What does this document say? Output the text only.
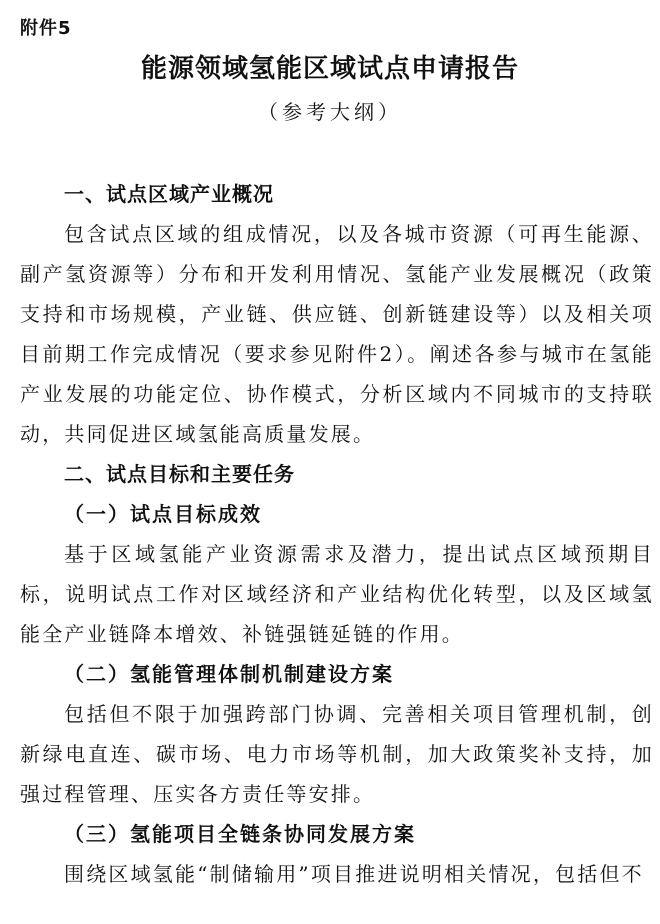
附件5
能源领域氢能区域试点申请报告
（参考大纲）
一、试点区域产业概况
包含试点区域的组成情况，以及各城市资源（可再生能源、副产氢资源等）分布和开发利用情况、氢能产业发展概况（政策支持和市场规模，产业链、供应链、创新链建设等）以及相关项目前期工作完成情况（要求参见附件2）。阐述各参与城市在氢能产业发展的功能定位、协作模式，分析区域内不同城市的支持联动，共同促进区域氢能高质量发展。
二、试点目标和主要任务
（一）试点目标成效
基于区域氢能产业资源需求及潜力，提出试点区域预期目标，说明试点工作对区域经济和产业结构优化转型，以及区域氢能全产业链降本增效、补链强链延链的作用。
（二）氢能管理体制机制建设方案
包括但不限于加强跨部门协调、完善相关项目管理机制，创新绿电直连、碳市场、电力市场等机制，加大政策奖补支持，加强过程管理、压实各方责任等安排。
（三）氢能项目全链条协同发展方案
围绕区域氢能“制储输用”项目推进说明相关情况，包括但不
